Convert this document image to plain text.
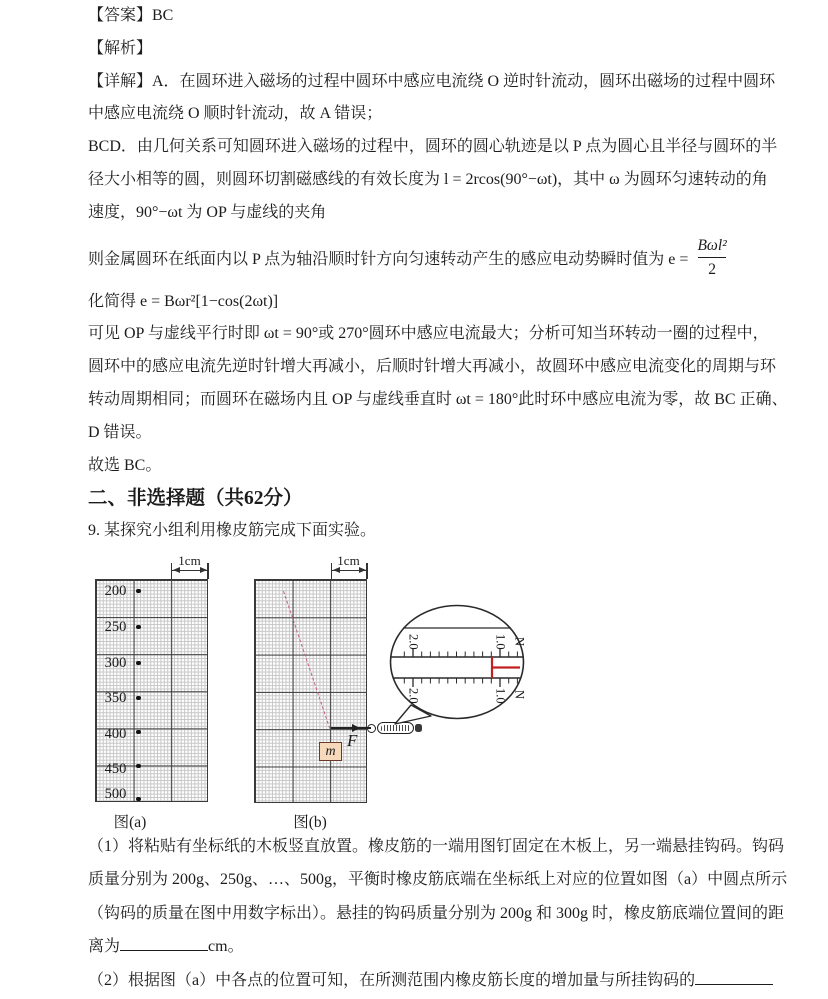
【答案】BC
【解析】
【详解】A．在圆环进入磁场的过程中圆环中感应电流绕 O 逆时针流动，圆环出磁场的过程中圆环
中感应电流绕 O 顺时针流动，故 A 错误；
BCD．由几何关系可知圆环进入磁场的过程中，圆环的圆心轨迹是以 P 点为圆心且半径与圆环的半
径大小相等的圆，则圆环切割磁感线的有效长度为 l = 2rcos(90°−ωt)，其中 ω 为圆环匀速转动的角
速度，90°−ωt 为 OP 与虚线的夹角
则金属圆环在纸面内以 P 点为轴沿顺时针方向匀速转动产生的感应电动势瞬时值为 $e = \frac{\text{Bωl²}}{2}$
化简得 e = Bωr²[1−cos(2ωt)]
可见 OP 与虚线平行时即 ωt = 90°或 270°圆环中感应电流最大；分析可知当环转动一圈的过程中，
圆环中的感应电流先逆时针增大再减小，后顺时针增大再减小，故圆环中感应电流变化的周期与环
转动周期相同；而圆环在磁场内且 OP 与虚线垂直时 ωt = 180°此时环中感应电流为零，故 BC 正确、
D 错误。
故选 BC。
二、非选择题（共62分）
9. 某探究小组利用橡皮筋完成下面实验。
1cm	1cm
200
250
300
350
400
450
500
m
F
2.0	1.0 N
2.0	1.0 N
图(a)	图(b)
（1）将粘贴有坐标纸的木板竖直放置。橡皮筋的一端用图钉固定在木板上，另一端悬挂钩码。钩码
质量分别为 200g、250g、…、500g，平衡时橡皮筋底端在坐标纸上对应的位置如图（a）中圆点所示
（钩码的质量在图中用数字标出）。悬挂的钩码质量分别为 200g 和 300g 时，橡皮筋底端位置间的距
离为	cm。
（2）根据图（a）中各点的位置可知，在所测范围内橡皮筋长度的增加量与所挂钩码的
